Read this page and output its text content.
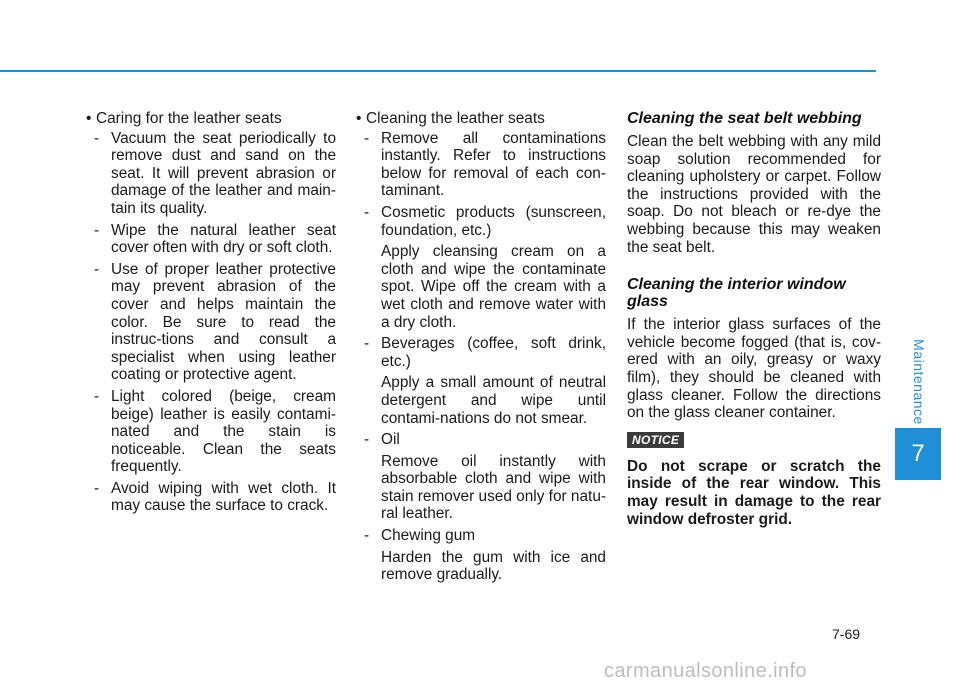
• Caring for the leather seats
- Vacuum the seat periodically to remove dust and sand on the seat. It will prevent abrasion or damage of the leather and main-tain its quality.
- Wipe the natural leather seat cover often with dry or soft cloth.
- Use of proper leather protective may prevent abrasion of the cover and helps maintain the color. Be sure to read the instruc-tions and consult a specialist when using leather coating or protective agent.
- Light colored (beige, cream beige) leather is easily contami-nated and the stain is noticeable. Clean the seats frequently.
- Avoid wiping with wet cloth. It may cause the surface to crack.
• Cleaning the leather seats
- Remove all contaminations instantly. Refer to instructions below for removal of each con-taminant.
- Cosmetic products (sunscreen, foundation, etc.)
Apply cleansing cream on a cloth and wipe the contaminate spot. Wipe off the cream with a wet cloth and remove water with a dry cloth.
- Beverages (coffee, soft drink, etc.)
Apply a small amount of neutral detergent and wipe until contami-nations do not smear.
- Oil
Remove oil instantly with absorbable cloth and wipe with stain remover used only for natu-ral leather.
- Chewing gum
Harden the gum with ice and remove gradually.
Cleaning the seat belt webbing
Clean the belt webbing with any mild soap solution recommended for cleaning upholstery or carpet. Follow the instructions provided with the soap. Do not bleach or re-dye the webbing because this may weaken the seat belt.
Cleaning the interior window glass
If the interior glass surfaces of the vehicle become fogged (that is, cov-ered with an oily, greasy or waxy film), they should be cleaned with glass cleaner. Follow the directions on the glass cleaner container.
NOTICE
Do not scrape or scratch the inside of the rear window. This may result in damage to the rear window defroster grid.
Maintenance
7
7-69
carmanualsonline.info
